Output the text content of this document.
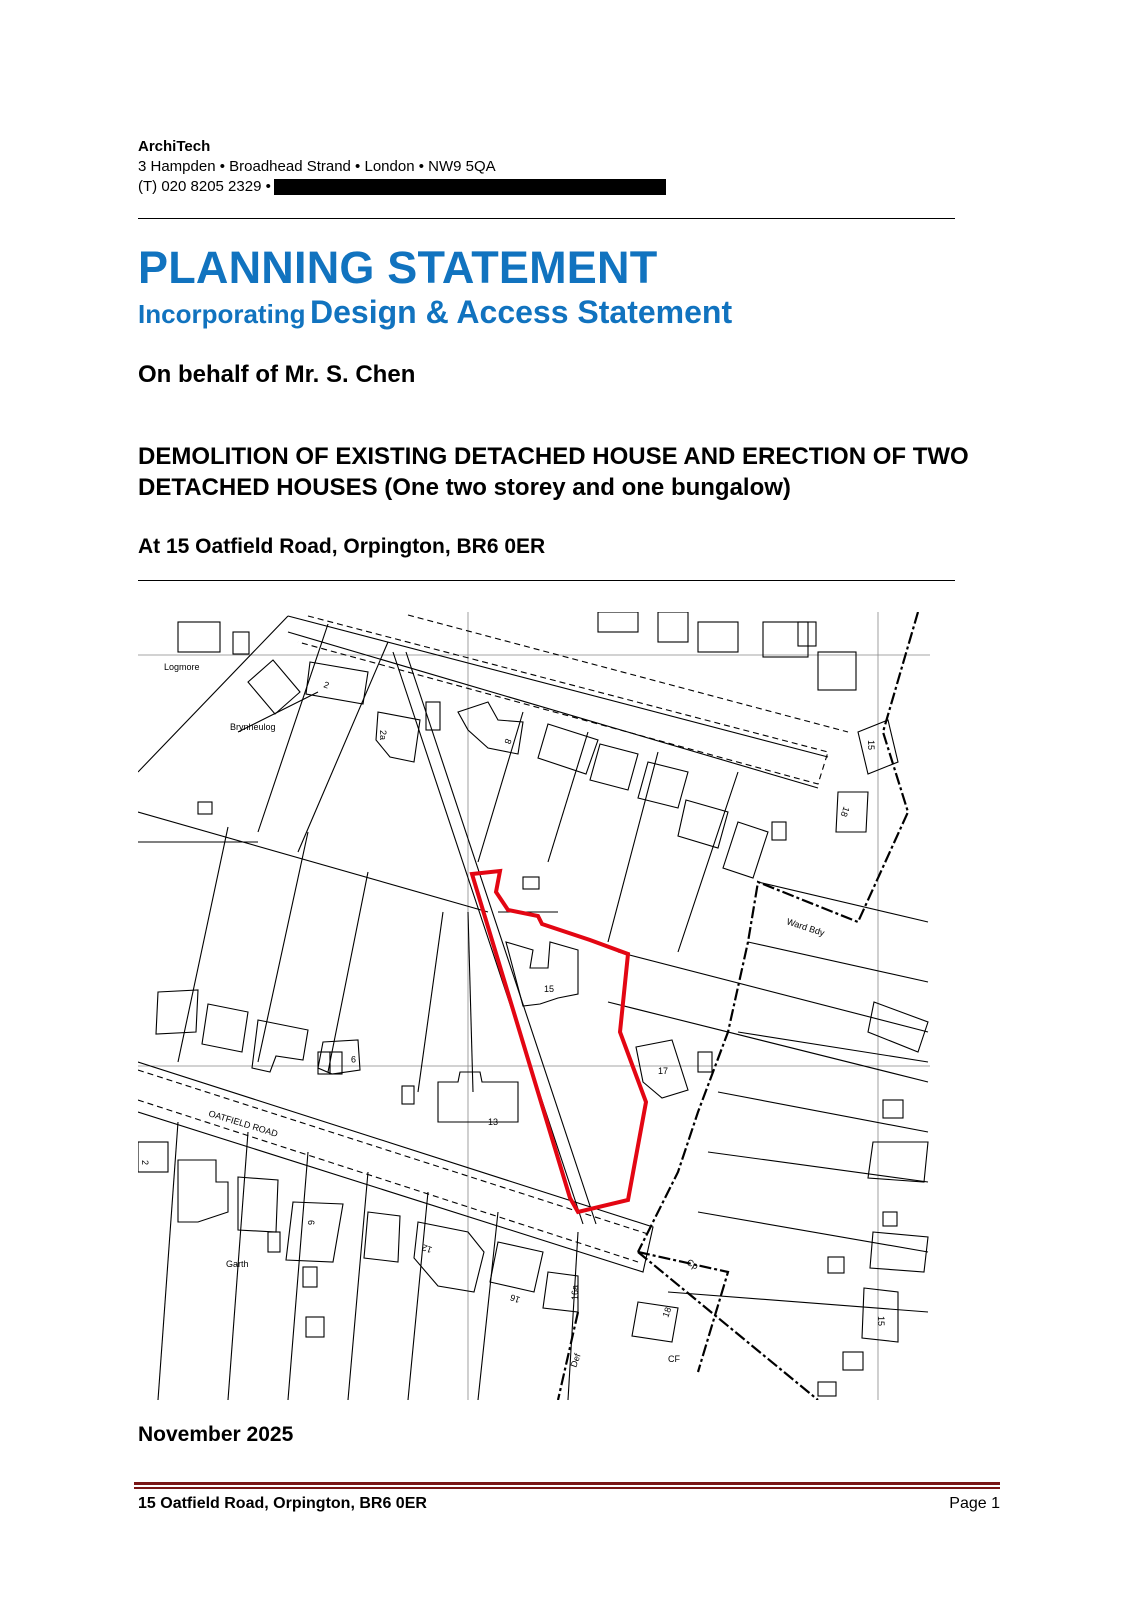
ArchiTech
3 Hampden • Broadhead Strand • London • NW9 5QA
(T) 020 8205 2329 •
PLANNING STATEMENT
Incorporating Design & Access Statement
On behalf of Mr. S. Chen
DEMOLITION OF EXISTING DETACHED HOUSE AND ERECTION OF TWO DETACHED HOUSES (One two storey and one bungalow)
At 15 Oatfield Road, Orpington, BR6 0ER
Logmore
Brynheulog
2
2a
8	15
18
Ward Bdy
15
17
9
13
OATFIELD ROAD
2
Garth
6
12
16	16a
18
Cp
CF
Def
15
November 2025
15 Oatfield Road, Orpington, BR6 0ER	Page 1
